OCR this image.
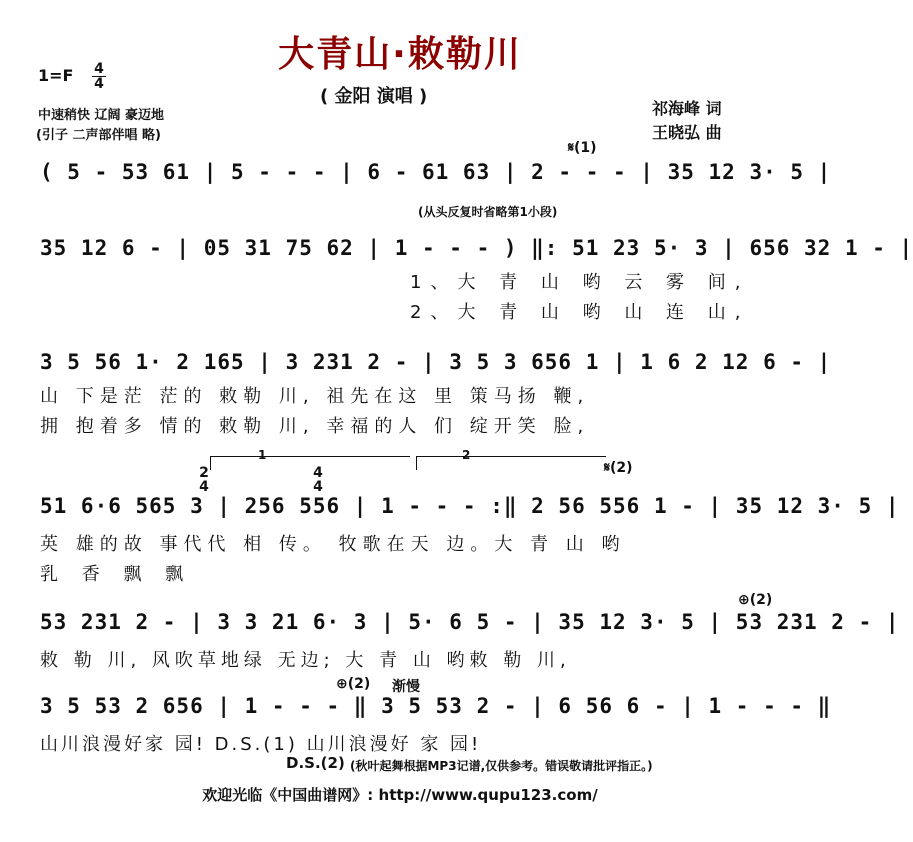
大青山·敕勒川
( 金阳 演唱 )
$1=F \frac{4}{4}$
中速稍快 辽阔 豪迈地
(引子 二声部伴唱 略)
祁海峰 词
王晓弘 曲
𝄋(1)
( 5 - 53 61 | 5 - - - | 6 - 61 63 | 2 - - - | 35 12 3· 5 |
(从头反复时省略第1小段)
35 12 6 - | 05 31 75 62 | 1 - - - ) ‖: 51 23 5· 3 | 656 32 1 - |
1、大 青 山 哟 云 雾 间,
2、大 青 山 哟 山 连 山,
3 5 56 1· 2 165 | 3 231 2 - | 3 5 3 656 1 | 1 6 2 12 6 - |
山 下是茫 茫的 敕勒 川, 祖先在这 里 策马扬 鞭,
拥 抱着多 情的 敕勒 川, 幸福的人 们 绽开笑 脸,
1	2
𝄋(2)
2
4
4
4
51 6·6 565 3 | 256 556 | 1 - - - :‖ 2 56 556 1 - | 35 12 3· 5 |
英 雄的故 事代代 相 传。 牧歌在天 边。大 青 山 哟
乳 香 飘 飘
⊕(2)
53 231 2 - | 3 3 21 6· 3 | 5· 6 5 - | 35 12 3· 5 | 53 231 2 - |
敕 勒 川, 风吹草地绿 无边; 大 青 山 哟敕 勒 川,
⊕(2) 渐慢
3 5 53 2 656 | 1 - - - ‖ 3 5 53 2 - | 6 56 6 - | 1 - - - ‖
山川浪漫好家 园! D.S.(1) 山川浪漫好 家 园!
D.S.(2) (秋叶起舞根据MP3记谱,仅供参考。错误敬请批评指正。)
欢迎光临《中国曲谱网》: http://www.qupu123.com/
